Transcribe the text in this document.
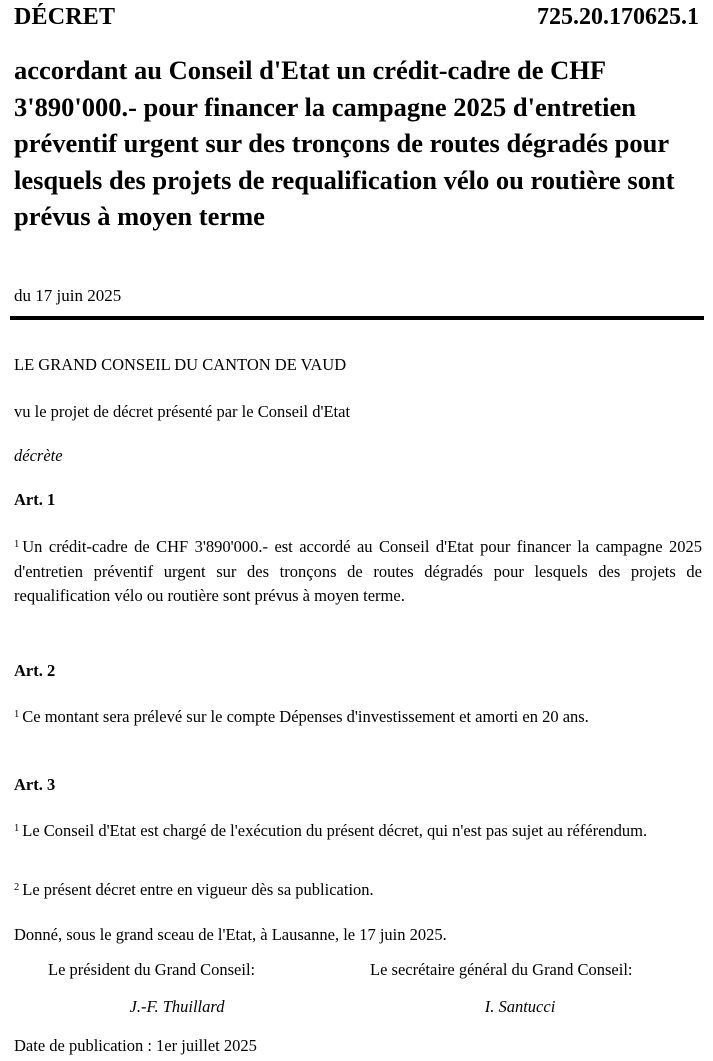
DÉCRET	725.20.170625.1
accordant au Conseil d'Etat un crédit-cadre de CHF 3'890'000.- pour financer la campagne 2025 d'entretien préventif urgent sur des tronçons de routes dégradés pour lesquels des projets de requalification vélo ou routière sont prévus à moyen terme
du 17 juin 2025
LE GRAND CONSEIL DU CANTON DE VAUD
vu le projet de décret présenté par le Conseil d'Etat
décrète
Art. 1
$^1$ Un crédit-cadre de CHF 3'890'000.- est accordé au Conseil d'Etat pour financer la campagne 2025 d'entretien préventif urgent sur des tronçons de routes dégradés pour lesquels des projets de requalification vélo ou routière sont prévus à moyen terme.
Art. 2
$^1$ Ce montant sera prélevé sur le compte Dépenses d'investissement et amorti en 20 ans.
Art. 3
$^1$ Le Conseil d'Etat est chargé de l'exécution du présent décret, qui n'est pas sujet au référendum.
$^2$ Le présent décret entre en vigueur dès sa publication.
Donné, sous le grand sceau de l'Etat, à Lausanne, le 17 juin 2025.
Le président du Grand Conseil:	Le secrétaire général du Grand Conseil:
J.-F. Thuillard	I. Santucci
Date de publication : 1er juillet 2025
